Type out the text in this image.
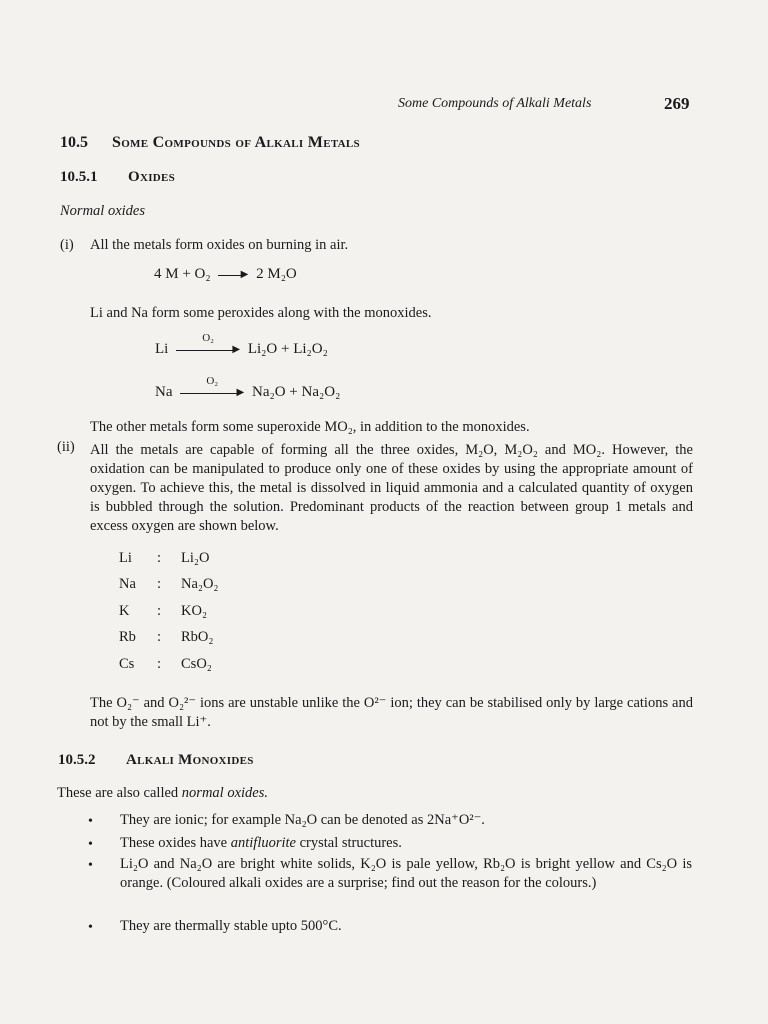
Some Compounds of Alkali Metals	269
10.5 Some Compounds of Alkali Metals
10.5.1 Oxides
Normal oxides
(i) All the metals form oxides on burning in air.
4 M + O₂	▶ 2 M₂O
Li and Na form some peroxides along with the monoxides.
Li
O₂
▶ Li₂O + Li₂O₂
Na
O₂
▶ Na₂O + Na₂O₂
The other metals form some superoxide MO₂, in addition to the monoxides.
(ii) All the metals are capable of forming all the three oxides, M₂O, M₂O₂ and MO₂. However, the oxidation can be manipulated to produce only one of these oxides by using the appropriate amount of oxygen. To achieve this, the metal is dissolved in liquid ammonia and a calculated quantity of oxygen is bubbled through the solution. Predominant products of the reaction between group 1 metals and excess oxygen are shown below.
Li : Li₂O
Na : Na₂O₂
K : KO₂
Rb : RbO₂
Cs : CsO₂
The O₂⁻ and O₂²⁻ ions are unstable unlike the O²⁻ ion; they can be stabilised only by large cations and not by the small Li⁺.
10.5.2 Alkali Monoxides
These are also called normal oxides.
• They are ionic; for example Na₂O can be denoted as 2Na⁺O²⁻.
• These oxides have antifluorite crystal structures.
• Li₂O and Na₂O are bright white solids, K₂O is pale yellow, Rb₂O is bright yellow and Cs₂O is orange. (Coloured alkali oxides are a surprise; find out the reason for the colours.)
• They are thermally stable upto 500°C.
